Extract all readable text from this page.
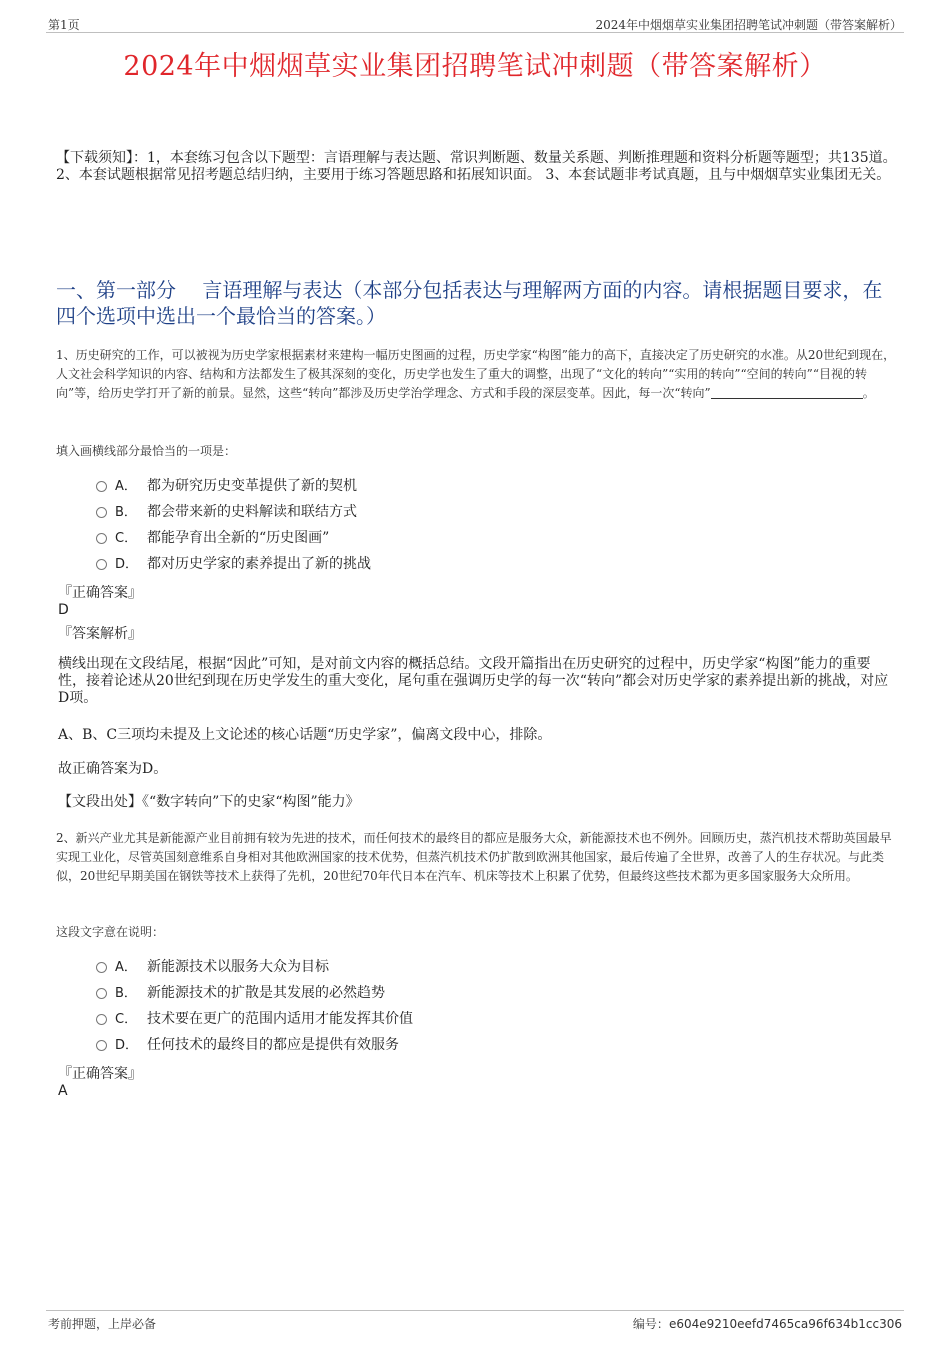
第1页	2024年中烟烟草实业集团招聘笔试冲刺题（带答案解析）
2024年中烟烟草实业集团招聘笔试冲刺题（带答案解析）
【下载须知】：1，本套练习包含以下题型：言语理解与表达题、常识判断题、数量关系题、判断推理题和资料分析题等题型；共135道。 2、本套试题根据常见招考题总结归纳，主要用于练习答题思路和拓展知识面。 3、本套试题非考试真题，且与中烟烟草实业集团无关。
一、第一部分　 言语理解与表达（本部分包括表达与理解两方面的内容。请根据题目要求，在四个选项中选出一个最恰当的答案。）
1、历史研究的工作，可以被视为历史学家根据素材来建构一幅历史图画的过程，历史学家“构图”能力的高下，直接决定了历史研究的水准。从20世纪到现在，人文社会科学知识的内容、结构和方法都发生了极其深刻的变化，历史学也发生了重大的调整，出现了“文化的转向”“实用的转向”“空间的转向”“目视的转向”等，给历史学打开了新的前景。显然，这些“转向”都涉及历史学治学理念、方式和手段的深层变革。因此，每一次“转向”	。
填入画横线部分最恰当的一项是：
A． 都为研究历史变革提供了新的契机
B． 都会带来新的史料解读和联结方式
C． 都能孕育出全新的“历史图画”
D． 都对历史学家的素养提出了新的挑战
『正确答案』
D
『答案解析』
横线出现在文段结尾，根据“因此”可知，是对前文内容的概括总结。文段开篇指出在历史研究的过程中，历史学家“构图”能力的重要性，接着论述从20世纪到现在历史学发生的重大变化，尾句重在强调历史学的每一次“转向”都会对历史学家的素养提出新的挑战，对应D项。
A、B、C三项均未提及上文论述的核心话题“历史学家”，偏离文段中心，排除。
故正确答案为D。
【文段出处】《“数字转向”下的史家“构图”能力》
2、新兴产业尤其是新能源产业目前拥有较为先进的技术，而任何技术的最终目的都应是服务大众，新能源技术也不例外。回顾历史，蒸汽机技术帮助英国最早实现工业化，尽管英国刻意维系自身相对其他欧洲国家的技术优势，但蒸汽机技术仍扩散到欧洲其他国家，最后传遍了全世界，改善了人的生存状况。与此类似，20世纪早期美国在钢铁等技术上获得了先机，20世纪70年代日本在汽车、机床等技术上积累了优势，但最终这些技术都为更多国家服务大众所用。
这段文字意在说明：
A． 新能源技术以服务大众为目标
B． 新能源技术的扩散是其发展的必然趋势
C． 技术要在更广的范围内适用才能发挥其价值
D． 任何技术的最终目的都应是提供有效服务
『正确答案』
A
考前押题，上岸必备	编号：e604e9210eefd7465ca96f634b1cc306
